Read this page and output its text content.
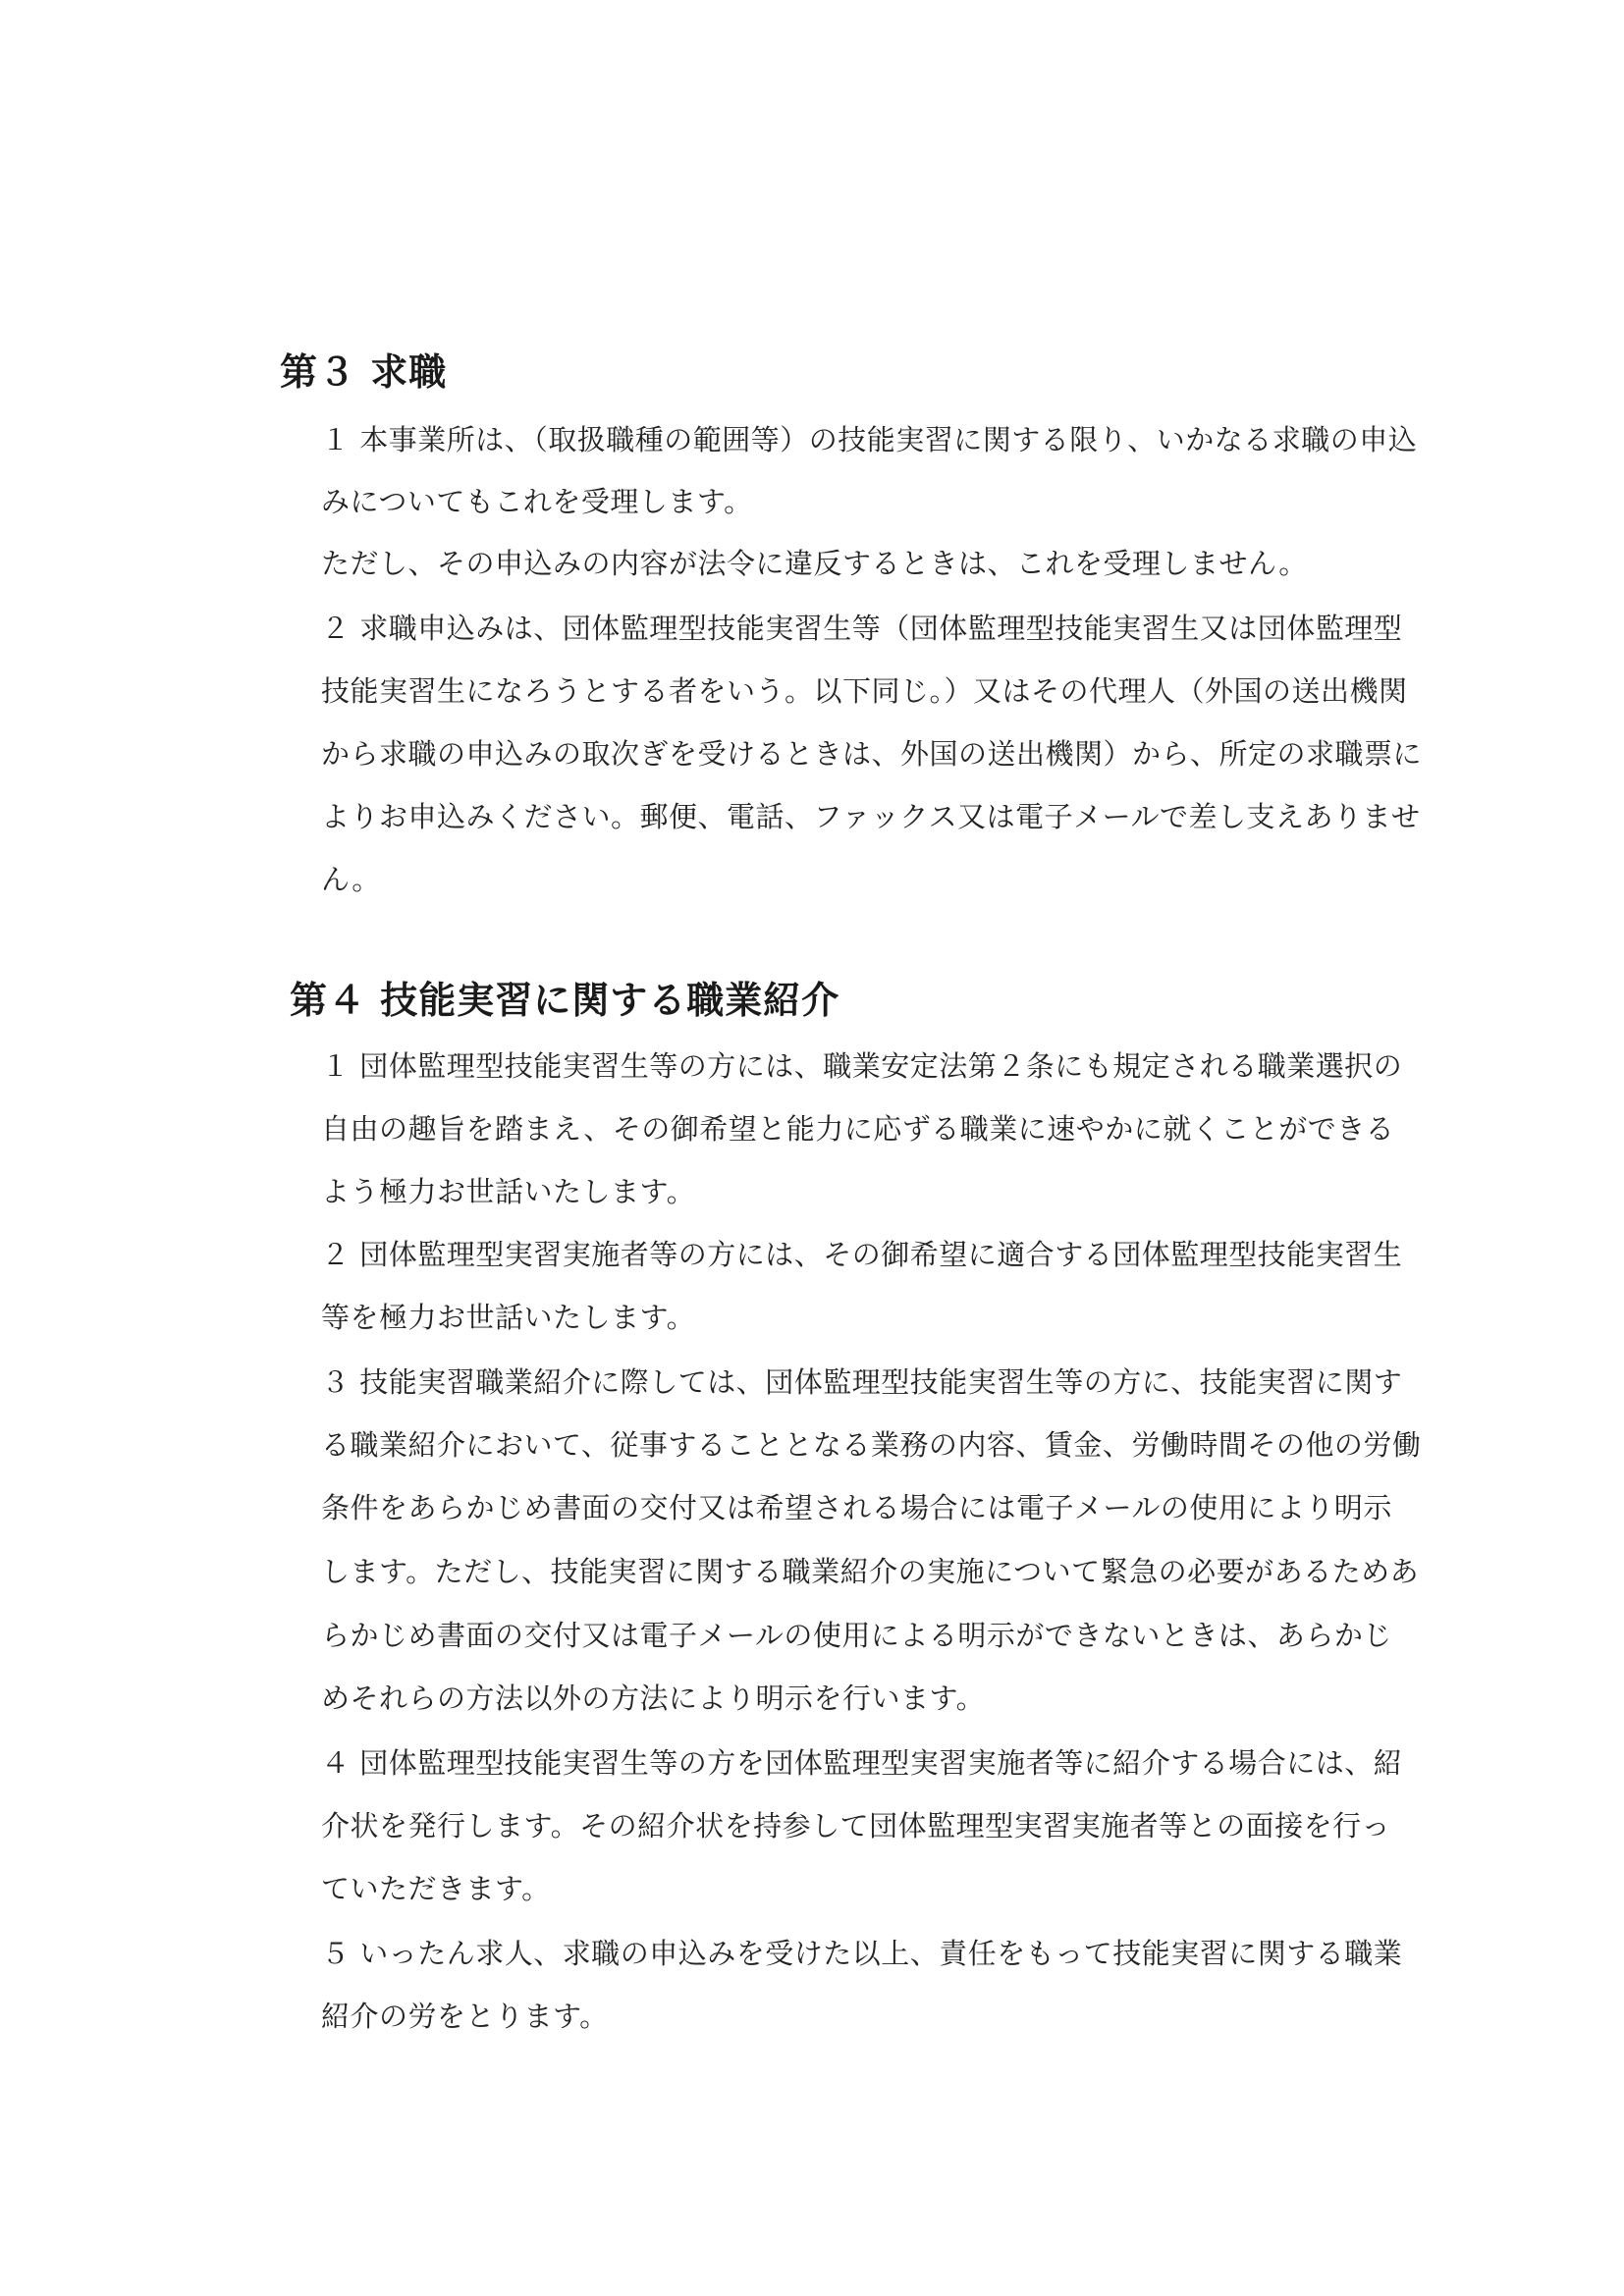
第３ 求職
１ 本事業所は、（取扱職種の範囲等）の技能実習に関する限り、いかなる求職の申込
みについてもこれを受理します。
ただし、その申込みの内容が法令に違反するときは、これを受理しません。
２ 求職申込みは、団体監理型技能実習生等（団体監理型技能実習生又は団体監理型
技能実習生になろうとする者をいう。以下同じ。）又はその代理人（外国の送出機関
から求職の申込みの取次ぎを受けるときは、外国の送出機関）から、所定の求職票に
よりお申込みください。郵便、電話、ファックス又は電子メールで差し支えありませ
ん。
第４ 技能実習に関する職業紹介
１ 団体監理型技能実習生等の方には、職業安定法第２条にも規定される職業選択の
自由の趣旨を踏まえ、その御希望と能力に応ずる職業に速やかに就くことができる
よう極力お世話いたします。
２ 団体監理型実習実施者等の方には、その御希望に適合する団体監理型技能実習生
等を極力お世話いたします。
３ 技能実習職業紹介に際しては、団体監理型技能実習生等の方に、技能実習に関す
る職業紹介において、従事することとなる業務の内容、賃金、労働時間その他の労働
条件をあらかじめ書面の交付又は希望される場合には電子メールの使用により明示
します。ただし、技能実習に関する職業紹介の実施について緊急の必要があるためあ
らかじめ書面の交付又は電子メールの使用による明示ができないときは、あらかじ
めそれらの方法以外の方法により明示を行います。
４ 団体監理型技能実習生等の方を団体監理型実習実施者等に紹介する場合には、紹
介状を発行します。その紹介状を持参して団体監理型実習実施者等との面接を行っ
ていただきます。
５ いったん求人、求職の申込みを受けた以上、責任をもって技能実習に関する職業
紹介の労をとります。
